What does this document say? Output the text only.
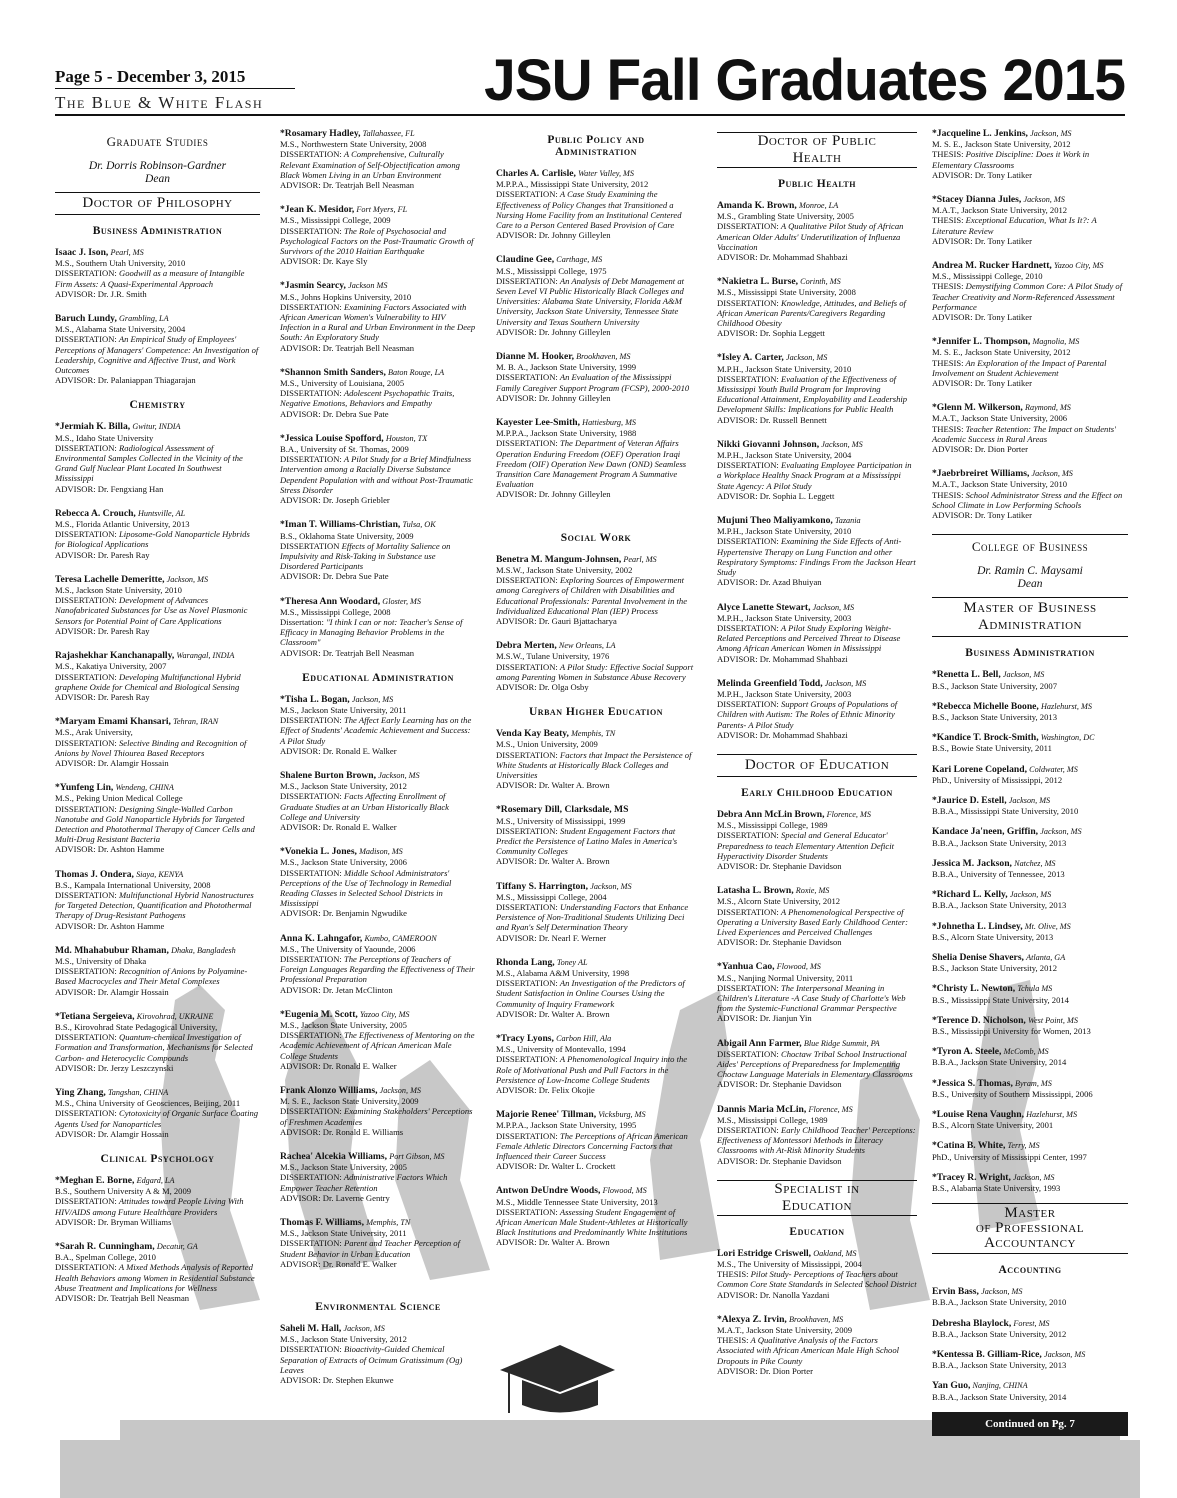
Page 5 - December 3, 2015
The Blue & White Flash	JSU Fall Graduates 2015
Graduate Studies
Dr. Dorris Robinson-Gardner
Dean
Doctor of Philosophy
Business Administration
Isaac J. Ison, Pearl, MS
M.S., Southern Utah University, 2010
DISSERTATION: Goodwill as a measure of Intangible Firm Assets: A Quasi-Experimental Approach
ADVISOR: Dr. J.R. Smith
Baruch Lundy, Grambling, LA
M.S., Alabama State University, 2004
DISSERTATION: An Empirical Study of Employees' Perceptions of Managers' Competence: An Investigation of Leadership, Cognitive and Affective Trust, and Work Outcomes
ADVISOR: Dr. Palaniappan Thiagarajan
Chemistry
*Jermiah K. Billa, Gwitur, INDIA
M.S., Idaho State University
DISSERTATION: Radiological Assessment of Environmental Samples Collected in the Vicinity of the Grand Gulf Nuclear Plant Located In Southwest Mississippi
ADVISOR: Dr. Fengxiang Han
Rebecca A. Crouch, Huntsville, AL
M.S., Florida Atlantic University, 2013
DISSERTATION: Liposome-Gold Nanoparticle Hybrids for Biological Applications
ADVISOR: Dr. Paresh Ray
Teresa Lachelle Demeritte, Jackson, MS
M.S., Jackson State University, 2010
DISSERTATION: Development of Advances Nanofabricated Substances for Use as Novel Plasmonic Sensors for Potential Point of Care Applications
ADVISOR: Dr. Paresh Ray
Rajashekhar Kanchanapally, Warangal, INDIA
M.S., Kakatiya University, 2007
DISSERTATION: Developing Multifunctional Hybrid graphene Oxide for Chemical and Biological Sensing
ADVISOR: Dr. Paresh Ray
*Maryam Emami Khansari, Tehran, IRAN
M.S., Arak University,
DISSERTATION: Selective Binding and Recognition of Anions by Novel Thiourea Based Receptors
ADVISOR: Dr. Alamgir Hossain
*Yunfeng Lin, Wendeng, CHINA
M.S., Peking Union Medical College
DISSERTATION: Designing Single-Walled Carbon Nanotube and Gold Nanoparticle Hybrids for Targeted Detection and Photothermal Therapy of Cancer Cells and Multi-Drug Resistant Bacteria
ADVISOR: Dr. Ashton Hamme
Thomas J. Ondera, Siaya, KENYA
B.S., Kampala International University, 2008
DISSERTATION: Multifunctional Hybrid Nanostructures for Targeted Detection, Quantification and Photothermal Therapy of Drug-Resistant Pathogens
ADVISOR: Dr. Ashton Hamme
Md. Mhahabubur Rhaman, Dhaka, Bangladesh
M.S., University of Dhaka
DISSERTATION: Recognition of Anions by Polyamine-Based Macrocycles and Their Metal Complexes
ADVISOR: Dr. Alamgir Hossain
*Tetiana Sergeieva, Kirovohrad, UKRAINE
B.S., Kirovohrad State Pedagogical University,
DISSERTATION: Quantum-chemical Investigation of Formation and Transformation, Mechanisms for Selected Carbon- and Heterocyclic Compounds
ADVISOR: Dr. Jerzy Leszczynski
Ying Zhang, Tangshan, CHINA
M.S., China University of Geosciences, Beijing, 2011
DISSERTATION: Cytotoxicity of Organic Surface Coating Agents Used for Nanoparticles
ADVISOR: Dr. Alamgir Hossain
Clinical Psychology
*Meghan E. Borne, Edgard, LA
B.S., Southern University A & M, 2009
DISSERTATION: Attitudes toward People Living With HIV/AIDS among Future Healthcare Providers
ADVISOR: Dr. Bryman Williams
*Sarah R. Cunningham, Decatur, GA
B.A., Spelman College, 2010
DISSERTATION: A Mixed Methods Analysis of Reported Health Behaviors among Women in Residential Substance Abuse Treatment and Implications for Wellness
ADVISOR: Dr. Teatrjah Bell Neasman
*Rosamary Hadley, Tallahassee, FL
M.S., Northwestern State University, 2008
DISSERTATION: A Comprehensive, Culturally Relevant Examination of Self-Objectification among Black Women Living in an Urban Environment
ADVISOR: Dr. Teatrjah Bell Neasman
*Jean K. Mesidor, Fort Myers, FL
M.S., Mississippi College, 2009
DISSERTATION: The Role of Psychosocial and Psychological Factors on the Post-Traumatic Growth of Survivors of the 2010 Haitian Earthquake
ADVISOR: Dr. Kaye Sly
*Jasmin Searcy, Jackson MS
M.S., Johns Hopkins University, 2010
DISSERTATION: Examining Factors Associated with African American Women's Vulnerability to HIV Infection in a Rural and Urban Environment in the Deep South: An Exploratory Study
ADVISOR: Dr. Teatrjah Bell Neasman
*Shannon Smith Sanders, Baton Rouge, LA
M.S., University of Louisiana, 2005
DISSERTATION: Adolescent Psychopathic Traits, Negative Emotions, Behaviors and Empathy
ADVISOR: Dr. Debra Sue Pate
*Jessica Louise Spofford, Houston, TX
B.A., University of St. Thomas, 2009
DISSERTATION: A Pilot Study for a Brief Mindfulness Intervention among a Racially Diverse Substance Dependent Population with and without Post-Traumatic Stress Disorder
ADVISOR: Dr. Joseph Griebler
*Iman T. Williams-Christian, Tulsa, OK
B.S., Oklahoma State University, 2009
DISSERTATION Effects of Mortality Salience on Impulsivity and Risk-Taking in Substance use Disordered Participants
ADVISOR: Dr. Debra Sue Pate
*Theresa Ann Woodard, Gloster, MS
M.S., Mississippi College, 2008
Dissertation: "I think I can or not: Teacher's Sense of Efficacy in Managing Behavior Problems in the Classroom"
ADVISOR: Dr. Teatrjah Bell Neasman
Educational Administration
*Tisha L. Bogan, Jackson, MS
M.S., Jackson State University, 2011
DISSERTATION: The Affect Early Learning has on the Effect of Students' Academic Achievement and Success: A Pilot Study
ADVISOR: Dr. Ronald E. Walker
Shalene Burton Brown, Jackson, MS
M.S., Jackson State University, 2012
DISSERTATION: Facts Affecting Enrollment of Graduate Studies at an Urban Historically Black College and University
ADVISOR: Dr. Ronald E. Walker
*Vonekia L. Jones, Madison, MS
M.S., Jackson State University, 2006
DISSERTATION: Middle School Administrators' Perceptions of the Use of Technology in Remedial Reading Classes in Selected School Districts in Mississippi
ADVISOR: Dr. Benjamin Ngwudike
Anna K. Lahngafor, Kumbo, CAMEROON
M.S., The University of Yaounde, 2006
DISSERTATION: The Perceptions of Teachers of Foreign Languages Regarding the Effectiveness of Their Professional Preparation
ADVISOR: Dr. Jetan McClinton
*Eugenia M. Scott, Yazoo City, MS
M.S., Jackson State University, 2005
DISSERTATION: The Effectiveness of Mentoring on the Academic Achievement of African American Male College Students
ADVISOR: Dr. Ronald E. Walker
Frank Alonzo Williams, Jackson, MS
M. S. E., Jackson State University, 2009
DISSERTATION: Examining Stakeholders' Perceptions of Freshmen Academies
ADVISOR: Dr. Ronald E. Williams
Rachea' Alcekia Williams, Port Gibson, MS
M.S., Jackson State University, 2005
DISSERTATION: Administrative Factors Which Empower Teacher Retention
ADVISOR: Dr. Laverne Gentry
Thomas F. Williams, Memphis, TN
M.S., Jackson State University, 2011
DISSERTATION: Parent and Teacher Perception of Student Behavior in Urban Education
ADVISOR: Dr. Ronald E. Walker
Environmental Science
Saheli M. Hall, Jackson, MS
M.S., Jackson State University, 2012
DISSERTATION: Bioactivity-Guided Chemical Separation of Extracts of Ocimum Gratissimum (Og) Leaves
ADVISOR: Dr. Stephen Ekunwe
Public Policy and Administration
Charles A. Carlisle, Water Valley, MS
M.P.P.A., Mississippi State University, 2012
DISSERTATION: A Case Study Examining the Effectiveness of Policy Changes that Transitioned a Nursing Home Facility from an Institutional Centered Care to a Person Centered Based Provision of Care
ADVISOR: Dr. Johnny Gilleylen
Claudine Gee, Carthage, MS
M.S., Mississippi College, 1975
DISSERTATION: An Analysis of Debt Management at Seven Level VI Public Historically Black Colleges and Universities: Alabama State University, Florida A&M University, Jackson State University, Tennessee State University and Texas Southern University
ADVISOR: Dr. Johnny Gilleylen
Dianne M. Hooker, Brookhaven, MS
M. B. A., Jackson State University, 1999
DISSERTATION: An Evaluation of the Mississippi Family Caregiver Support Program (FCSP), 2000-2010
ADVISOR: Dr. Johnny Gilleylen
Kayester Lee-Smith, Hattiesburg, MS
M.P.P.A., Jackson State University, 1988
DISSERTATION: The Department of Veteran Affairs Operation Enduring Freedom (OEF) Operation Iraqi Freedom (OIF) Operation New Dawn (OND) Seamless Transition Care Management Program A Summative Evaluation
ADVISOR: Dr. Johnny Gilleylen
Social Work
Benetra M. Mangum-Johnsen, Pearl, MS
M.S.W., Jackson State University, 2002
DISSERTATION: Exploring Sources of Empowerment among Caregivers of Children with Disabilities and Educational Professionals: Parental Involvement in the Individualized Educational Plan (IEP) Process
ADVISOR: Dr. Gauri Bjattacharya
Debra Merten, New Orleans, LA
M.S.W., Tulane University, 1976
DISSERTATION: A Pilot Study: Effective Social Support among Parenting Women in Substance Abuse Recovery
ADVISOR: Dr. Olga Osby
Urban Higher Education
Venda Kay Beaty, Memphis, TN
M.S., Union University, 2009
DISSERTATION: Factors that Impact the Persistence of White Students at Historically Black Colleges and Universities
ADVISOR: Dr. Walter A. Brown
*Rosemary Dill, Clarksdale, MS
M.S., University of Mississippi, 1999
DISSERTATION: Student Engagement Factors that Predict the Persistence of Latino Males in America's Community Colleges
ADVISOR: Dr. Walter A. Brown
Tiffany S. Harrington, Jackson, MS
M.S., Mississippi College, 2004
DISSERTATION: Understanding Factors that Enhance Persistence of Non-Traditional Students Utilizing Deci and Ryan's Self Determination Theory
ADVISOR: Dr. Nearl F. Werner
Rhonda Lang, Toney AL
M.S., Alabama A&M University, 1998
DISSERTATION: An Investigation of the Predictors of Student Satisfaction in Online Courses Using the Community of Inquiry Framework
ADVISOR: Dr. Walter A. Brown
*Tracy Lyons, Carbon Hill, Ala
M.S., University of Montevallo, 1994
DISSERTATION: A Phenomenological Inquiry into the Role of Motivational Push and Pull Factors in the Persistence of Low-Income College Students
ADVISOR: Dr. Felix Okojie
Majorie Renee' Tillman, Vicksburg, MS
M.P.P.A., Jackson State University, 1995
DISSERTATION: The Perceptions of African American Female Athletic Directors Concerning Factors that Influenced their Career Success
ADVISOR: Dr. Walter L. Crockett
Antwon DeUndre Woods, Flowood, MS
M.S., Middle Tennessee State University, 2013
DISSERTATION: Assessing Student Engagement of African American Male Student-Athletes at Historically Black Institutions and Predominantly White Institutions
ADVISOR: Dr. Walter A. Brown
Doctor of Public Health
Public Health
Amanda K. Brown, Monroe, LA
M.S., Grambling State University, 2005
DISSERTATION: A Qualitative Pilot Study of African American Older Adults' Underutilization of Influenza Vaccination
ADVISOR: Dr. Mohammad Shahbazi
*Nakietra L. Burse, Corinth, MS
M.S., Mississippi State University, 2008
DISSERTATION: Knowledge, Attitudes, and Beliefs of African American Parents/Caregivers Regarding Childhood Obesity
ADVISOR: Dr. Sophia Leggett
*Isley A. Carter, Jackson, MS
M.P.H., Jackson State University, 2010
DISSERTATION: Evaluation of the Effectiveness of Mississippi Youth Build Program for Improving Educational Attainment, Employability and Leadership Development Skills: Implications for Public Health
ADVISOR: Dr. Russell Bennett
Nikki Giovanni Johnson, Jackson, MS
M.P.H., Jackson State University, 2004
DISSERTATION: Evaluating Employee Participation in a Workplace Healthy Snack Program at a Mississippi State Agency: A Pilot Study
ADVISOR: Dr. Sophia L. Leggett
Mujuni Theo Maliyamkono, Tazania
M.P.H., Jackson State University, 2010
DISSERTATION: Examining the Side Effects of Anti-Hypertensive Therapy on Lung Function and other Respiratory Symptoms: Findings From the Jackson Heart Study
ADVISOR: Dr. Azad Bhuiyan
Alyce Lanette Stewart, Jackson, MS
M.P.H., Jackson State University, 2003
DISSERTATION: A Pilot Study Exploring Weight-Related Perceptions and Perceived Threat to Disease Among African American Women in Mississippi
ADVISOR: Dr. Mohammad Shahbazi
Melinda Greenfield Todd, Jackson, MS
M.P.H., Jackson State University, 2003
DISSERTATION: Support Groups of Populations of Children with Autism: The Roles of Ethnic Minority Parents- A Pilot Study
ADVISOR: Dr. Mohammad Shahbazi
Doctor of Education
Early Childhood Education
Debra Ann McLin Brown, Florence, MS
M.S., Mississippi College, 1989
DISSERTATION: Special and General Educator' Preparedness to teach Elementary Attention Deficit Hyperactivity Disorder Students
ADVISOR: Dr. Stephanie Davidson
Latasha L. Brown, Roxie, MS
M.S., Alcorn State University, 2012
DISSERTATION: A Phenomenological Perspective of Operating a University Based Early Childhood Center: Lived Experiences and Perceived Challenges
ADVISOR: Dr. Stephanie Davidson
*Yanhua Cao, Flowood, MS
M.S., Nanjing Normal University, 2011
DISSERTATION: The Interpersonal Meaning in Children's Literature -A Case Study of Charlotte's Web from the Systemic-Functional Grammar Perspective
ADVISOR: Dr. Jianjun Yin
Abigail Ann Farmer, Blue Ridge Summit, PA
DISSERTATION: Choctaw Tribal School Instructional Aides' Perceptions of Preparedness for Implementing Choctaw Language Materials in Elementary Classrooms
ADVISOR: Dr. Stephanie Davidson
Dannis Maria McLin, Florence, MS
M.S., Mississippi College, 1989
DISSERTATION: Early Childhood Teacher' Perceptions: Effectiveness of Montessori Methods in Literacy Classrooms with At-Risk Minority Students
ADVISOR: Dr. Stephanie Davidson
Specialist in Education
Education
Lori Estridge Criswell, Oakland, MS
M.S., The University of Mississippi, 2004
THESIS: Pilot Study- Perceptions of Teachers about Common Core State Standards in Selected School District
ADVISOR: Dr. Nanolla Yazdani
*Alexya Z. Irvin, Brookhaven, MS
M.A.T., Jackson State University, 2009
THESIS: A Qualitative Analysis of the Factors Associated with African American Male High School Dropouts in Pike County
ADVISOR: Dr. Dion Porter
*Jacqueline L. Jenkins, Jackson, MS
M. S. E., Jackson State University, 2012
THESIS: Positive Discipline: Does it Work in Elementary Classrooms
ADVISOR: Dr. Tony Latiker
*Stacey Dianna Jules, Jackson, MS
M.A.T., Jackson State University, 2012
THESIS: Exceptional Education, What Is It?: A Literature Review
ADVISOR: Dr. Tony Latiker
Andrea M. Rucker Hardnett, Yazoo City, MS
M.S., Mississippi College, 2010
THESIS: Demystifying Common Core: A Pilot Study of Teacher Creativity and Norm-Referenced Assessment Performance
ADVISOR: Dr. Tony Latiker
*Jennifer L. Thompson, Magnolia, MS
M. S. E., Jackson State University, 2012
THESIS: An Exploration of the Impact of Parental Involvement on Student Achievement
ADVISOR: Dr. Tony Latiker
*Glenn M. Wilkerson, Raymond, MS
M.A.T., Jackson State University, 2006
THESIS: Teacher Retention: The Impact on Students' Academic Success in Rural Areas
ADVISOR: Dr. Dion Porter
*Jaebrbreiret Williams, Jackson, MS
M.A.T., Jackson State University, 2010
THESIS: School Administrator Stress and the Effect on School Climate in Low Performing Schools
ADVISOR: Dr. Tony Latiker
College of Business
Dr. Ramin C. Maysami
Dean
Master of Business Administration
Business Administration
*Renetta L. Bell, Jackson, MS
B.S., Jackson State University, 2007
*Rebecca Michelle Boone, Hazlehurst, MS
B.S., Jackson State University, 2013
*Kandice T. Brock-Smith, Washington, DC
B.S., Bowie State University, 2011
Kari Lorene Copeland, Coldwater, MS
PhD., University of Mississippi, 2012
*Jaurice D. Estell, Jackson, MS
B.B.A., Mississippi State University, 2010
Kandace Ja'neen, Griffin, Jackson, MS
B.B.A., Jackson State University, 2013
Jessica M. Jackson, Natchez, MS
B.B.A., University of Tennessee, 2013
*Richard L. Kelly, Jackson, MS
B.B.A., Jackson State University, 2013
*Johnetha L. Lindsey, Mt. Olive, MS
B.S., Alcorn State University, 2013
Shelia Denise Shavers, Atlanta, GA
B.S., Jackson State University, 2012
*Christy L. Newton, Tchula MS
B.S., Mississippi State University, 2014
*Terence D. Nicholson, West Point, MS
B.S., Mississippi University for Women, 2013
*Tyron A. Steele, McComb, MS
B.B.A., Jackson State University, 2014
*Jessica S. Thomas, Byram, MS
B.S., University of Southern Mississippi, 2006
*Louise Rena Vaughn, Hazlehurst, MS
B.S., Alcorn State University, 2001
*Catina B. White, Terry, MS
PhD., University of Mississippi Center, 1997
*Tracey R. Wright, Jackson, MS
B.S., Alabama State University, 1993
Master
of Professional
Accountancy
Accounting
Ervin Bass, Jackson, MS
B.B.A., Jackson State University, 2010
Debresha Blaylock, Forest, MS
B.B.A., Jackson State University, 2012
*Kentessa B. Gilliam-Rice, Jackson, MS
B.B.A., Jackson State University, 2013
Yan Guo, Nanjing, CHINA
B.B.A., Jackson State University, 2014
Continued on Pg. 7
